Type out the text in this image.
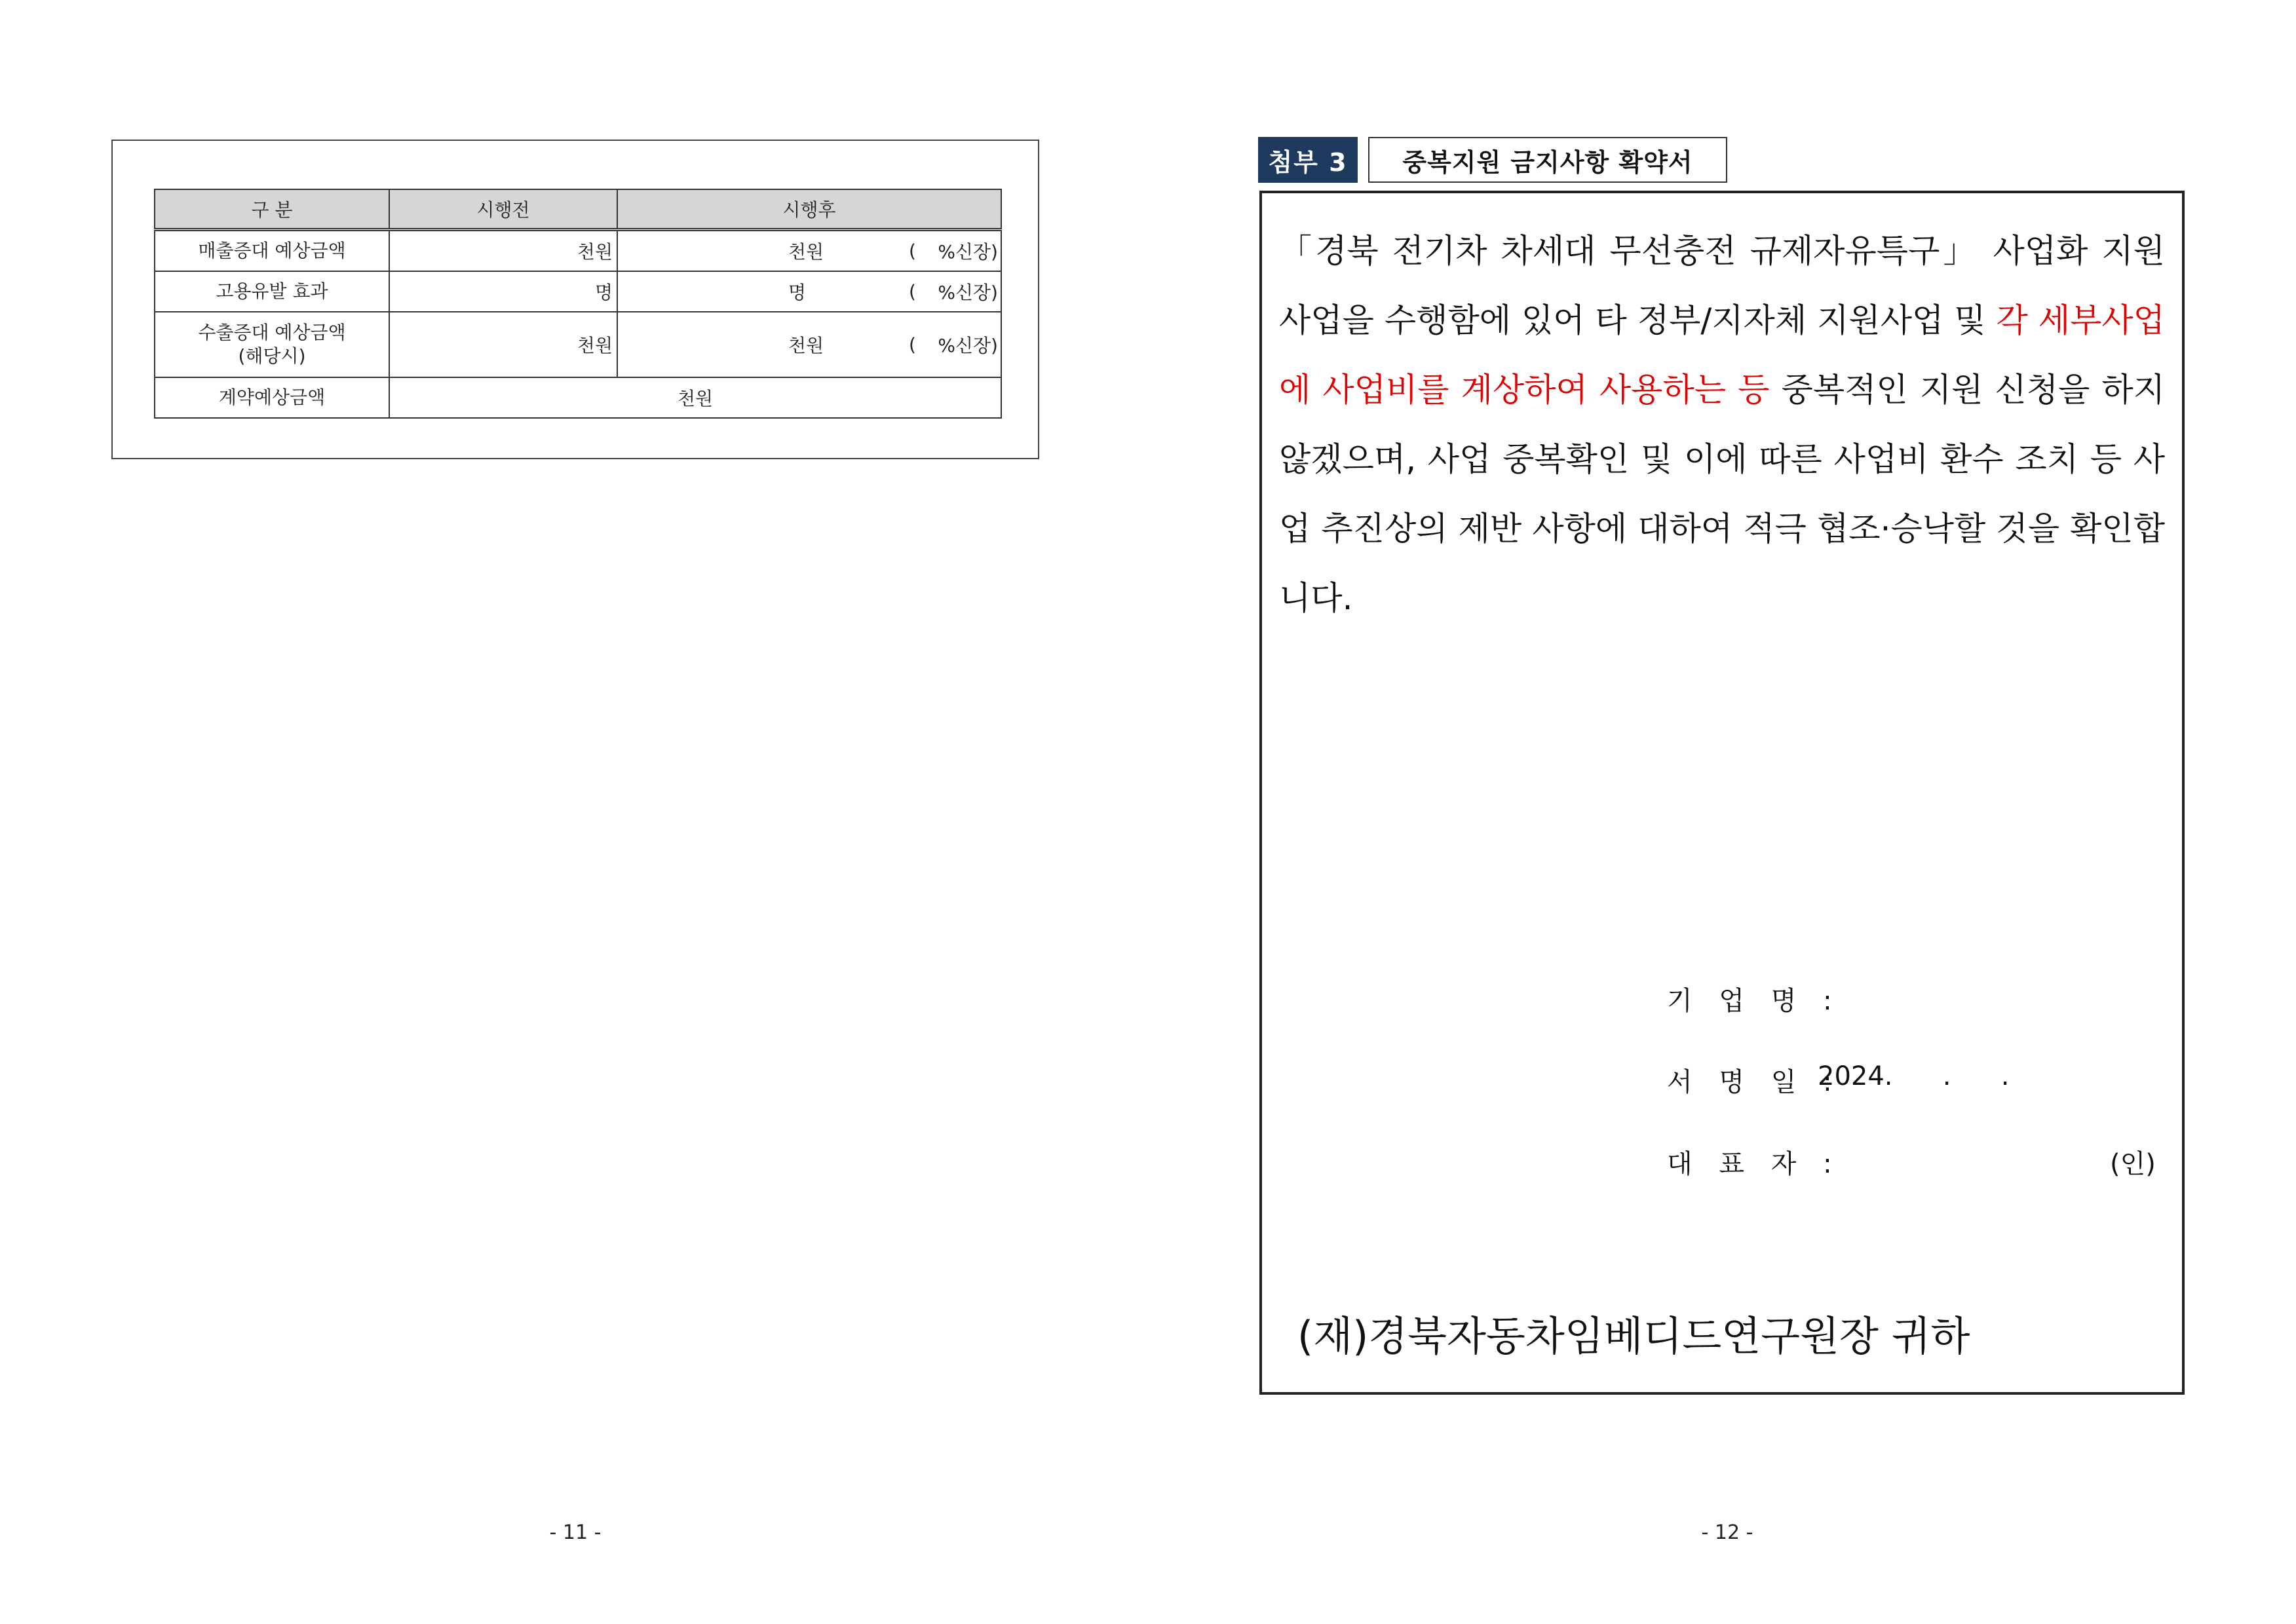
구 분	시행전	시행후
매출증대 예상금액	천원	천원 ( %신장)

고용유발 효과	명	명 ( %신장)

수출증대 예상금액
(해당시)	천원	천원 ( %신장)

계약예상금액	천원	
- 11 -
첨부 3	중복지원 금지사항 확약서
「경북 전기차 차세대 무선충전 규제자유특구」 사업화 지원사업을 수행함에 있어 타 정부/지자체 지원사업 및 각 세부사업에 사업비를 계상하여 사용하는 등 중복적인 지원 신청을 하지 않겠으며, 사업 중복확인 및 이에 따른 사업비 환수 조치 등 사업 추진상의 제반 사항에 대하여 적극 협조·승낙할 것을 확인합니다.
기 업 명 :
서 명 일 :
2024.      .      .
대 표 자 :	(인)
(재)경북자동차임베디드연구원장 귀하
- 12 -
